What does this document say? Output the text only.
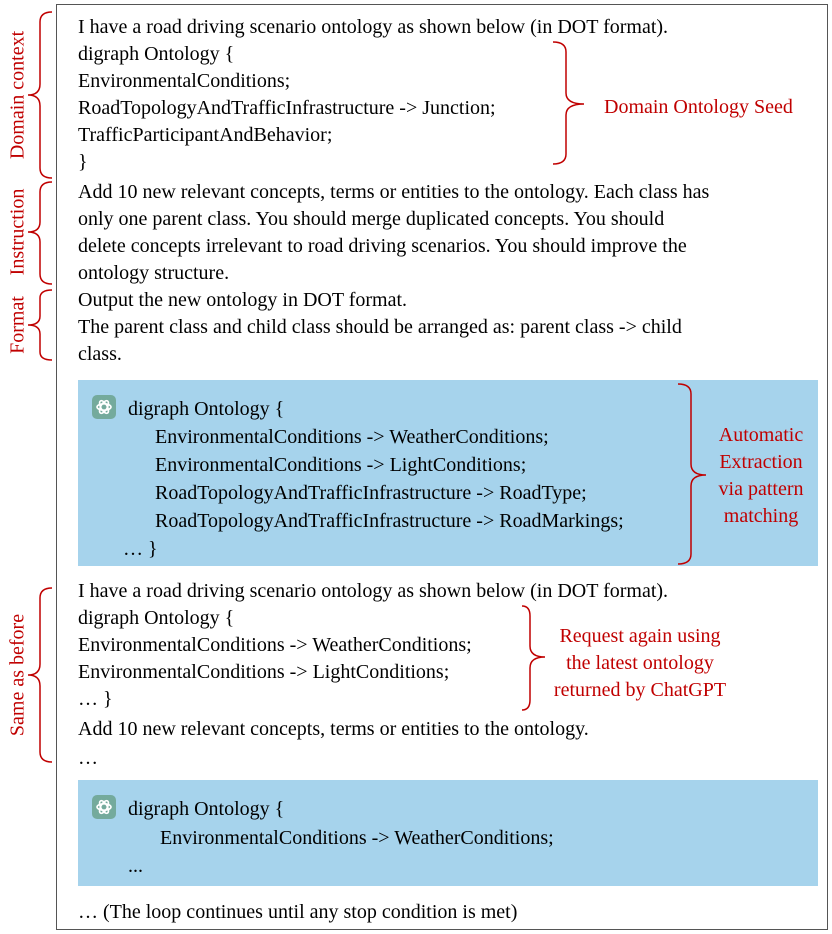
Domain context
Instruction
Format
Same as before
I have a road driving scenario ontology as shown below (in DOT format).
digraph Ontology {
EnvironmentalConditions;
RoadTopologyAndTrafficInfrastructure -> Junction;
TrafficParticipantAndBehavior;
}
Domain Ontology Seed
Add 10 new relevant concepts, terms or entities to the ontology. Each class has
only one parent class. You should merge duplicated concepts. You should
delete concepts irrelevant to road driving scenarios. You should improve the
ontology structure.
Output the new ontology in DOT format.
The parent class and child class should be arranged as: parent class -> child
class.
digraph Ontology {
EnvironmentalConditions -> WeatherConditions;
EnvironmentalConditions -> LightConditions;
RoadTopologyAndTrafficInfrastructure -> RoadType;
RoadTopologyAndTrafficInfrastructure -> RoadMarkings;
… }
Automatic
Extraction
via pattern
matching
I have a road driving scenario ontology as shown below (in DOT format).
digraph Ontology {
EnvironmentalConditions -> WeatherConditions;
EnvironmentalConditions -> LightConditions;
… }
Add 10 new relevant concepts, terms or entities to the ontology.
…
Request again using
the latest ontology
returned by ChatGPT
digraph Ontology {
EnvironmentalConditions -> WeatherConditions;
...
… (The loop continues until any stop condition is met)
